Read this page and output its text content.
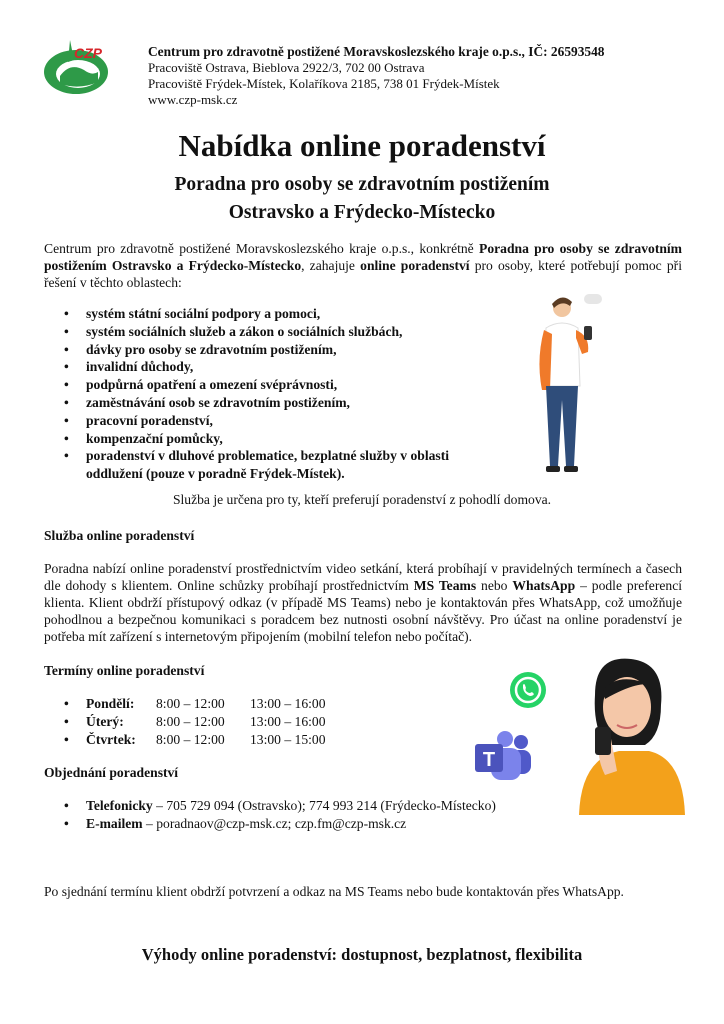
CZP	Centrum pro zdravotně postižené Moravskoslezského kraje o.p.s., IČ: 26593548
Pracoviště Ostrava, Bieblova 2922/3, 702 00 Ostrava
Pracoviště Frýdek-Místek, Kolaříkova 2185, 738 01 Frýdek-Místek
www.czp-msk.cz
Nabídka online poradenství
Poradna pro osoby se zdravotním postižením
Ostravsko a Frýdecko-Místecko
Centrum pro zdravotně postižené Moravskoslezského kraje o.p.s., konkrétně Poradna pro osoby se zdravotním postižením Ostravsko a Frýdecko-Místecko, zahajuje online poradenství pro osoby, které potřebují pomoc při řešení v těchto oblastech:
• systém státní sociální podpory a pomoci,
• systém sociálních služeb a zákon o sociálních službách,
• dávky pro osoby se zdravotním postižením,
• invalidní důchody,
• podpůrná opatření a omezení svéprávnosti,
• zaměstnávání osob se zdravotním postižením,
• pracovní poradenství,
• kompenzační pomůcky,
• poradenství v dluhové problematice, bezplatné služby v oblasti oddlužení (pouze v poradně Frýdek-Místek).
Služba je určena pro ty, kteří preferují poradenství z pohodlí domova.
Služba online poradenství
Poradna nabízí online poradenství prostřednictvím video setkání, která probíhají v pravidelných termínech a časech dle dohody s klientem. Online schůzky probíhají prostřednictvím MS Teams nebo WhatsApp – podle preferencí klienta. Klient obdrží přístupový odkaz (v případě MS Teams) nebo je kontaktován přes WhatsApp, což umožňuje pohodlnou a bezpečnou komunikaci s poradcem bez nutnosti osobní návštěvy. Pro účast na online poradenství je potřeba mít zařízení s internetovým připojením (mobilní telefon nebo počítač).
Termíny online poradenství
• Pondělí: 8:00 – 12:00 13:00 – 16:00
• Úterý: 8:00 – 12:00 13:00 – 16:00
• Čtvrtek: 8:00 – 12:00 13:00 – 15:00
Objednání poradenství
• Telefonicky – 705 729 094 (Ostravsko); 774 993 214 (Frýdecko-Místecko)
• E-mailem – poradnaov@czp-msk.cz; czp.fm@czp-msk.cz
T
Po sjednání termínu klient obdrží potvrzení a odkaz na MS Teams nebo bude kontaktován přes WhatsApp.
Výhody online poradenství: dostupnost, bezplatnost, flexibilita
